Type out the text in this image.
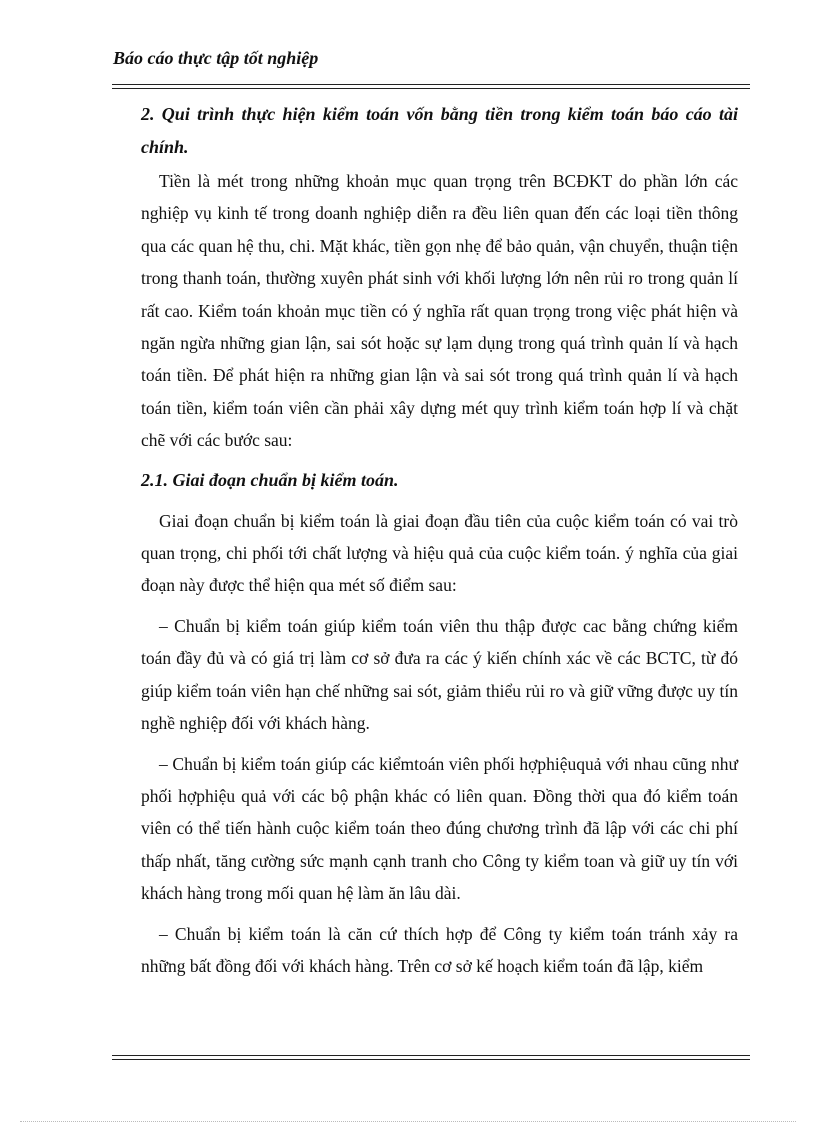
Báo cáo thực tập tốt nghiệp
2. Qui trình thực hiện kiểm toán vốn bằng tiền trong kiểm toán báo cáo tài chính.

Tiền là mét trong những khoản mục quan trọng trên BCĐKT do phần lớn các nghiệp vụ kinh tế trong doanh nghiệp diễn ra đều liên quan đến các loại tiền thông qua các quan hệ thu, chi. Mặt khác, tiền gọn nhẹ để bảo quản, vận chuyển, thuận tiện trong thanh toán, thường xuyên phát sinh với khối lượng lớn nên rủi ro trong quản lí rất cao. Kiểm toán khoản mục tiền có ý nghĩa rất quan trọng trong việc phát hiện và ngăn ngừa những gian lận, sai sót hoặc sự lạm dụng trong quá trình quản lí và hạch toán tiền. Để phát hiện ra những gian lận và sai sót trong quá trình quản lí và hạch toán tiền, kiểm toán viên cần phải xây dựng mét quy trình kiểm toán hợp lí và chặt chẽ với các bước sau:

2.1. Giai đoạn chuẩn bị kiểm toán.

Giai đoạn chuẩn bị kiểm toán là giai đoạn đầu tiên của cuộc kiểm toán có vai trò quan trọng, chi phối tới chất lượng và hiệu quả của cuộc kiểm toán. ý nghĩa của giai đoạn này được thể hiện qua mét số điểm sau:

– Chuẩn bị kiểm toán giúp kiểm toán viên thu thập được cac bằng chứng kiểm toán đầy đủ và có giá trị làm cơ sở đưa ra các ý kiến chính xác về các BCTC, từ đó giúp kiểm toán viên hạn chế những sai sót, giảm thiểu rủi ro và giữ vững được uy tín nghề nghiệp đối với khách hàng.

– Chuẩn bị kiểm toán giúp các kiểmtoán viên phối hợphiệuquả với nhau cũng như phối hợphiệu quả với các bộ phận khác có liên quan. Đồng thời qua đó kiểm toán viên có thể tiến hành cuộc kiểm toán theo đúng chương trình đã lập với các chi phí thấp nhất, tăng cường sức mạnh cạnh tranh cho Công ty kiểm toan và giữ uy tín với khách hàng trong mối quan hệ làm ăn lâu dài.

– Chuẩn bị kiểm toán là căn cứ thích hợp để Công ty kiểm toán tránh xảy ra những bất đồng đối với khách hàng. Trên cơ sở kế hoạch kiểm toán đã lập, kiểm
